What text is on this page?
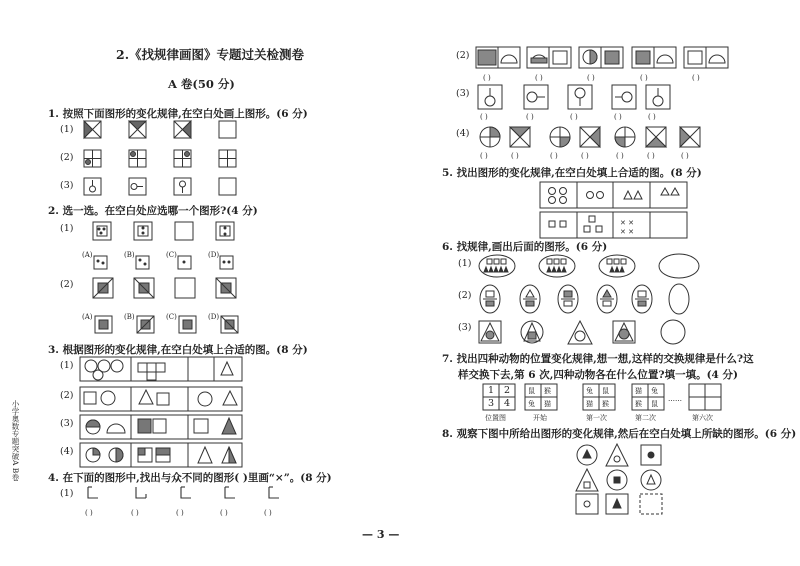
2.《找规律画图》专题过关检测卷
A 卷(50 分)
1. 按照下面图形的变化规律,在空白处画上图形。(6 分)
(1)
(2)
(3)
2. 选一选。在空白处应选哪一个图形?(4 分)
(1)
(2)
(A)	(B)	(C)	(D)
(A)	(B)	(C)	(D)
3. 根据图形的变化规律,在空白处填上合适的图。(8 分)
(1)
(2)
(3)
(4)
4. 在下面的图形中,找出与众不同的图形( )里画“×”。(8 分)
(1)
( )	( )	( )	( )	( )
(2)
(3)
(4)
( )	( )	( )	( )	( )
( )	( )	( )	( )	( )
( )	( )	( )	( )	( )	( )	( )
5. 找出图形的变化规律,在空白处填上合适的图。(8 分)
✕ ✕
✕ ✕
6. 找规律,画出后面的图形。(6 分)
(1)
(2)
(3)
7. 找出四种动物的位置变化规律,想一想,这样的交换规律是什么?这
样交换下去,第 6 次,四种动物各在什么位置?填一填。(4 分)
1 2
3 4
鼠 猴
兔 猫
兔 鼠
猫 猴
猫 兔
猴 鼠
……
位置图	开始	第一次	第二次	第六次
8. 观察下图中所给出图形的变化规律,然后在空白处填上所缺的图形。(6 分)
— 3 —
小学奥数专题突破A B卷
